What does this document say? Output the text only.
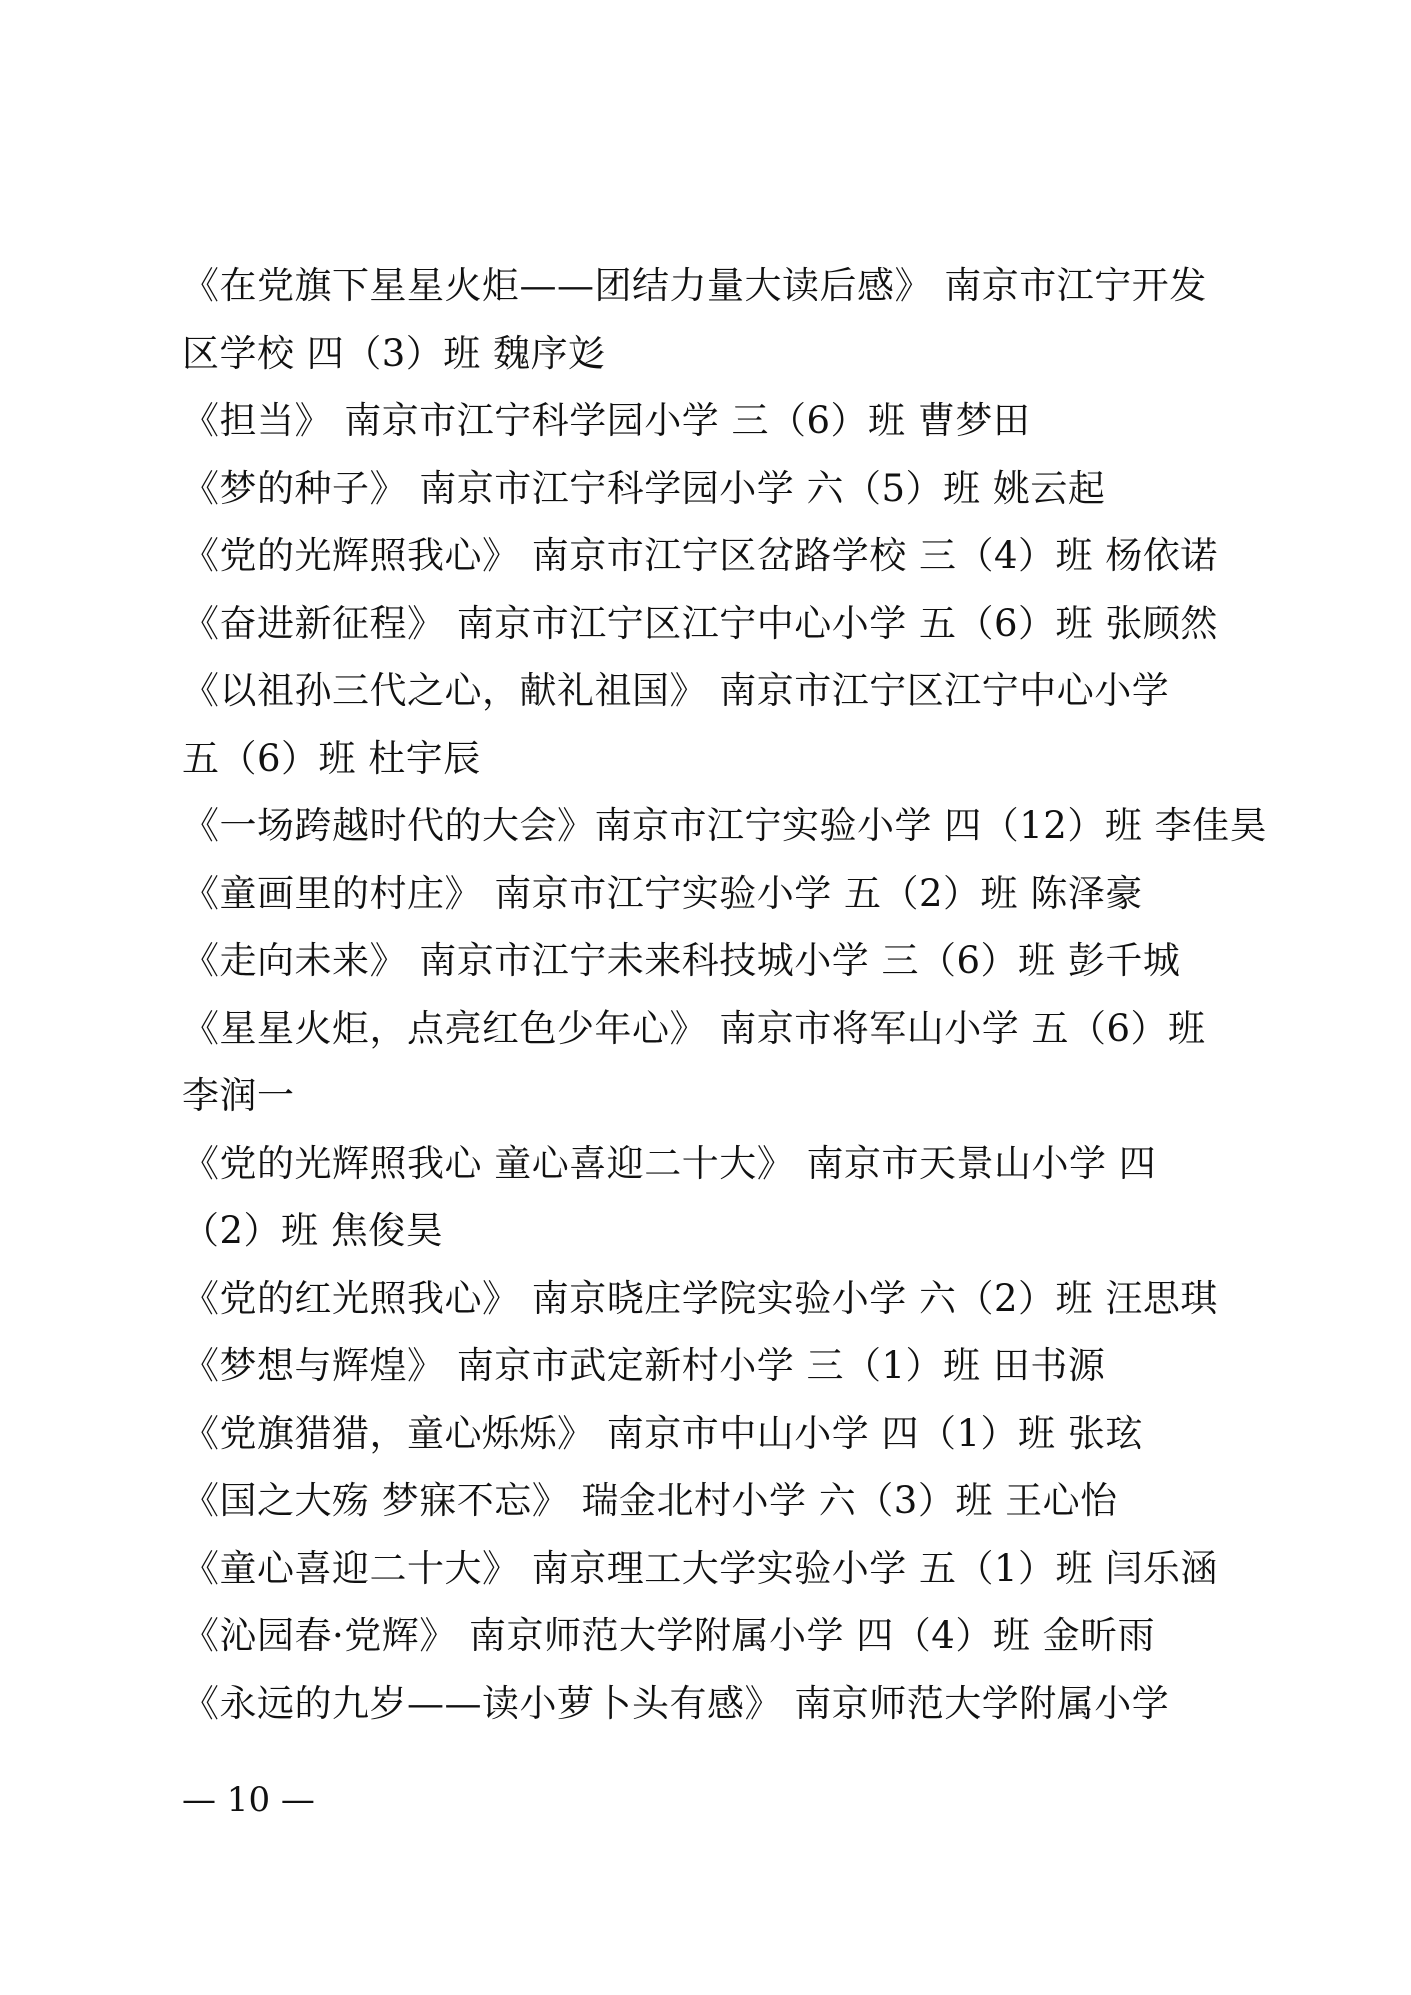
《在党旗下星星火炬——团结力量大读后感》 南京市江宁开发
区学校 四（3）班 魏序彣
《担当》 南京市江宁科学园小学 三（6）班 曹梦田
《梦的种子》 南京市江宁科学园小学 六（5）班 姚云起
《党的光辉照我心》 南京市江宁区岔路学校 三（4）班 杨依诺
《奋进新征程》 南京市江宁区江宁中心小学 五（6）班 张顾然
《以祖孙三代之心，献礼祖国》 南京市江宁区江宁中心小学
五（6）班 杜宇辰
《一场跨越时代的大会》南京市江宁实验小学 四（12）班 李佳昊
《童画里的村庄》 南京市江宁实验小学 五（2）班 陈泽豪
《走向未来》 南京市江宁未来科技城小学 三（6）班 彭千城
《星星火炬，点亮红色少年心》 南京市将军山小学 五（6）班
李润一
《党的光辉照我心 童心喜迎二十大》 南京市天景山小学 四
（2）班 焦俊昊
《党的红光照我心》 南京晓庄学院实验小学 六（2）班 汪思琪
《梦想与辉煌》 南京市武定新村小学 三（1）班 田书源
《党旗猎猎，童心烁烁》 南京市中山小学 四（1）班 张玹
《国之大殇 梦寐不忘》 瑞金北村小学 六（3）班 王心怡
《童心喜迎二十大》 南京理工大学实验小学 五（1）班 闫乐涵
《沁园春·党辉》 南京师范大学附属小学 四（4）班 金昕雨
《永远的九岁——读小萝卜头有感》 南京师范大学附属小学
— 10 —
